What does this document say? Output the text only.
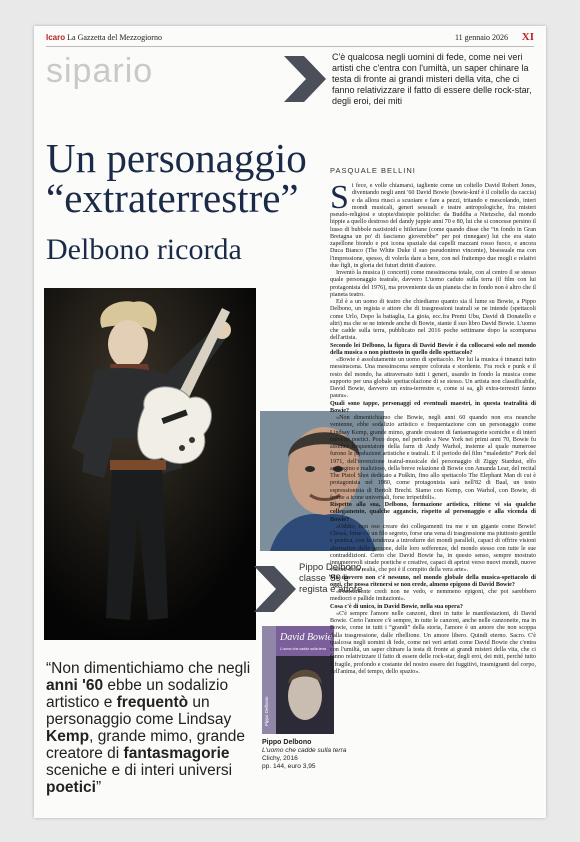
Icaro La Gazzetta del Mezzogiorno	11 gennaio 2026 XI
sipario	C'è qualcosa negli uomini di fede, come nei veri artisti che c'entra con l'umiltà, un saper chinare la testa di fronte ai grandi misteri della vita, che ci fanno relativizzare il fatto di essere delle rock-star, degli eroi, dei miti
PASQUALE BELLINI
Un personaggio
“extraterrestre”
Delbono ricorda
Pippo Delbono, classe '59 è regista e attore
David Bowie
L'uomo che cadde sulla terra
Pippo Delbono
Pippo Delbono
L'uomo che cadde sulla terra
Clichy, 2016
pp. 144, euro 3,95
“Non dimentichiamo che negli anni '60 ebbe un sodalizio artistico e frequentò un personaggio come Lindsay Kemp, grande mimo, grande creatore di fantasmagorie sceniche e di interi universi poetici”

Si fece, e volle chiamarsi, tagliente come un coltello David Robert Jones, diventando negli anni '60 David Bowie (bowie-knif è il coltello da caccia) e da allora riuscì a scuoiare e fare a pezzi, tritando e mescolando, interi mondi musicali, generi sessuali e teatre antropologiche, fra misteri pseudo-religiosi e utopie/distopie politiche: da Buddha a Nietzsche, dal mondo hippie a quello destroso del dandy juppie anni 70 e 80, lui che si concesse persino il lusso di bubbole nazistoidi e hitleriane (come quando disse che “in fondo in Gran Bretagna un po' di fascismo gioverebbe” per poi rinnegare) lui che era stato zapellone biondo e poi icona spaziale dai capelli mazzani rosso fuoco, e ancora Duca Bianco (The White Duke il suo pseudonimo vincente), bisessuale ma con l'impressione, spesso, di volerla dare a bere, con nel frattempo due mogli e relativi due figli, in gloria dei futuri diritti d'autore.

Inventò la musica (i concerti) come messinscena totale, con al centro il se stesso quale personaggio teatrale, davvero L'uomo caduto sulla terra (il film con lui protagonista del 1976), ma proveniente da un pianeta che in fondo non è altro che il pianeta teatro.

Ed è a un uomo di teatro che chiediamo quanto sia il lume su Bowie, a Pippo Delbono, un regista e attore che di trasgressioni teatrali se ne intende (spettacoli come Urlo, Dopo la battaglia, La gioia, ecc.fra Premi Ubu, David di Donatello e altri) ma che se ne intende anche di Bowie, stante il suo libro David Bowie. L'uomo che cadde sulla terra, pubblicato nel 2016 poche settimane dopo la scomparsa dell'artista.

Secondo lei Delbono, la figura di David Bowie è da collocarsi solo nel mondo della musica o non piuttosto in quello dello spettacolo?

«Bowie è assolutamente un uomo di spettacolo. Per lui la musica è innanzi tutto messinscena. Una messinscena sempre colorata e stordente. Fra rock e punk e il resto del mondo, ha attraversato tutti i generi, usando in fondo la musica come supporto per una globale spettacolazione di se stesso. Un artista non classificabile, David Bowie, davvero un extra-terrestre e, come si sa, gli extra-terrestri fanno paura».

Quali sono tappe, personaggi ed eventuali maestri, in questa teatralità di Bowie?

«Non dimentichiamo che Bowie, negli anni 60 quando non era neanche ventenne, ebbe sodalizio artistico e frequentazione con un personaggio come Lindsay Kemp, grande mimo, grande creatore di fantasmagorie sceniche e di interi universi poetici. Poco dopo, nel periodo a New York nei primi anni 70, Bowie fu assiduo frequentatore della farm di Andy Warhol, insieme al quale numerose furono le produzioni artistiche e teatrali. E il periodo del film “maledetto” Pork del 1971, dell'invenzione teatral-musicale del personaggio di Ziggy Stardust, elfo androgino e malizioso, della breve relazione di Bowie con Amanda Lear, del recital The Pistol Shot dedicato a Puškin, fino allo spettacolo The Elephant Man di cui è protagonista nel 1980, come protagonista sarà nell'82 di Baal, un testo espressionista di Bertolt Brecht. Siamo con Kemp, con Warhol, con Bowie, di fronte a icone universali, forse irripetibili».

Rispetto alla sua, Delbono, formazione artistica, ritiene vi sia qualche collegamento, qualche aggancio, rispetto al personaggio e alla vicenda di Bowie?

«Oddio, non oso creare dei collegamenti tra me e un gigante come Bowie! Chissà, forse c'è un filo segreto, forse una vena di trasgressione ma piuttosto gentile e poetica, con la tendenza a introdurre dei mondi paralleli, capaci di offrire visioni alternative delle persone, delle loro sofferenze, del mondo stesso con tutte le sue contraddizioni. Certo che David Bowie ha, in questo senso, sempre mostrato innumerevoli strade poetiche e creative, capaci di aprirsi verso nuovi mondi, nuove visioni della realtà, che poi è il compito della vera arte».

Ma davvero non c'è nessuno, nel mondo globale della musica-spettacolo di oggi, che possa ritenersi se non erede, almeno epigono di David Bowie?

«Francamente credi non ne vedo, e nemmeno epigoni, che poi sarebbero mediocri e pallide imitazioni».

Cosa c'è di unico, in David Bowie, nella sua opera?

«C'è sempre l'amore nelle canzoni, direi in tutte le manifestazioni, di David Bowie. Certo l'amore c'è sempre, in tutte le canzoni, anche nelle canzonette, ma in Bowie, come in tutti i “grandi” della storia, l'amore è un amore che non scoppa dalla trasgressione, dalle ribellione. Un amore libero. Quindi eterno. Sacro. C'è qualcosa negli uomini di fede, come nei veri artisti come David Bowie che c'entra con l'umiltà, un saper chinare la testa di fronte ai grandi misteri della vita, che ci fanno relativizzare il fatto di essere delle rock-star, degli eroi, dei miti, perché tutto è fragile, profondo e costante del nostro essere dei fuggitivi, trasmigranti del corpo, dell'anima, del tempo, dello spazio».
